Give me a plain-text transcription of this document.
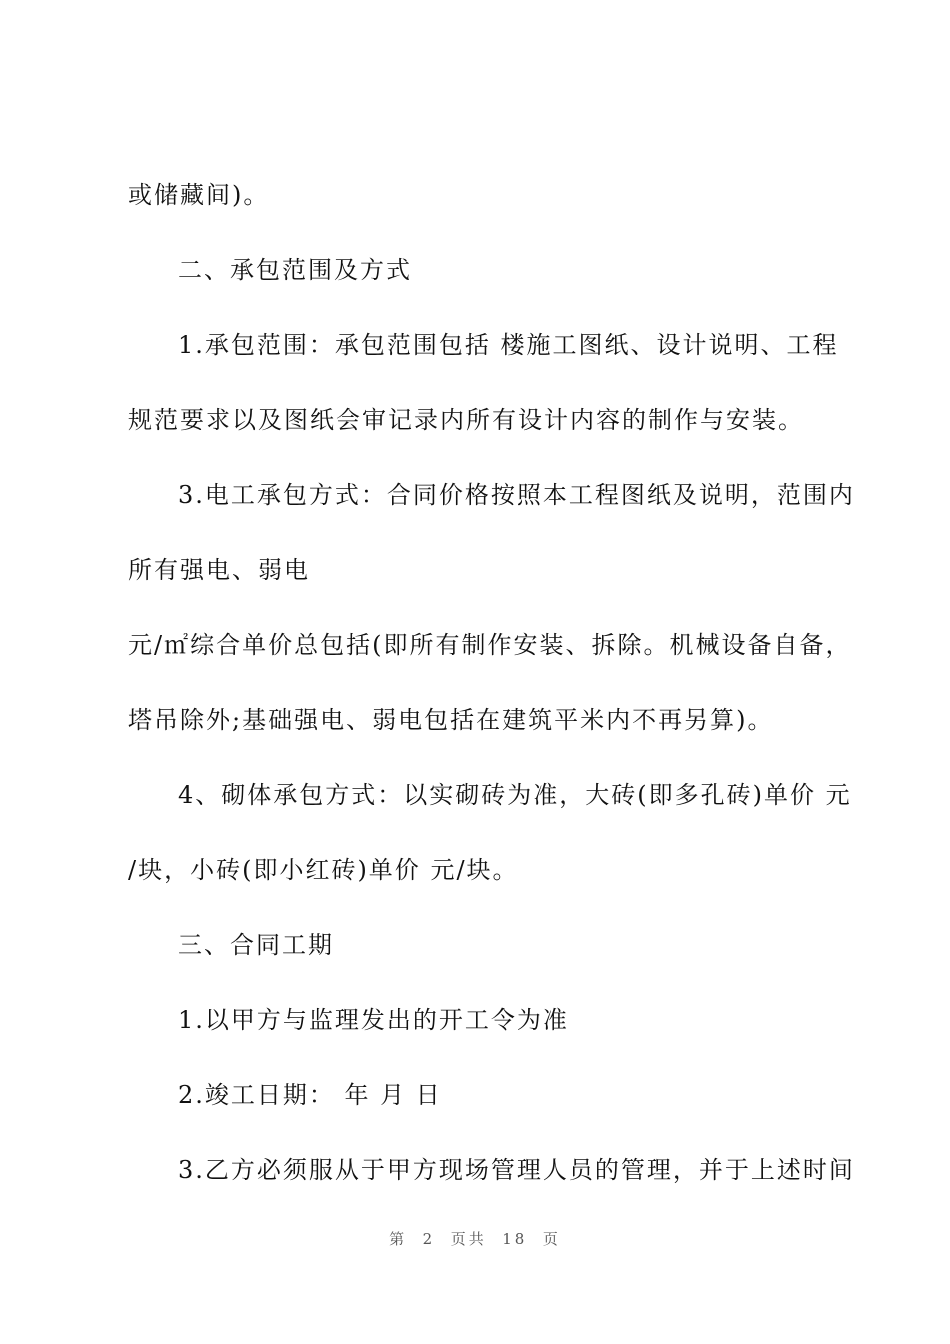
或储藏间)。
二、承包范围及方式
1.承包范围：承包范围包括 楼施工图纸、设计说明、工程
规范要求以及图纸会审记录内所有设计内容的制作与安装。
3.电工承包方式：合同价格按照本工程图纸及说明，范围内
所有强电、弱电
元/㎡综合单价总包括(即所有制作安装、拆除。机械设备自备，
塔吊除外;基础强电、弱电包括在建筑平米内不再另算)。
4、砌体承包方式：以实砌砖为准，大砖(即多孔砖)单价 元
/块，小砖(即小红砖)单价 元/块。
三、合同工期
1.以甲方与监理发出的开工令为准
2.竣工日期： 年 月 日
3.乙方必须服从于甲方现场管理人员的管理，并于上述时间
第  2  页共  18  页
